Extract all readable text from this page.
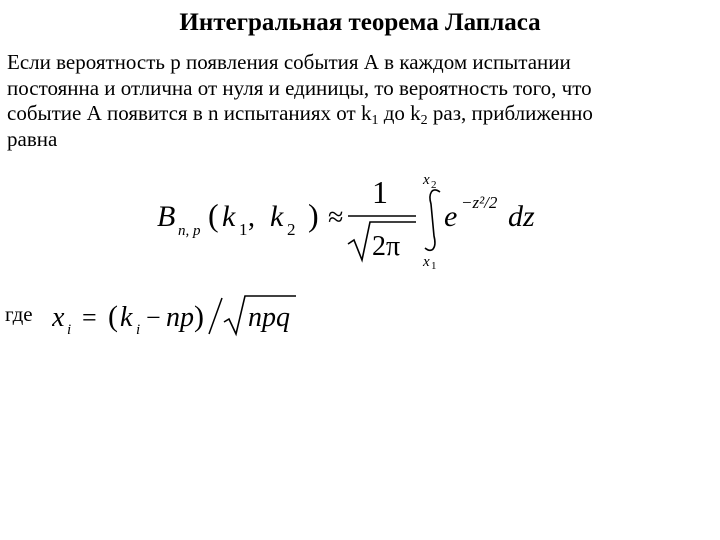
Интегральная теорема Лапласа
Если вероятность р появления события А в каждом испытании
постоянна и отлична от нуля и единицы, то вероятность того, что
событие А появится в n испытаниях от $k_1$ до $k_2$ раз, приближенно
равна
B n, p ( k 1 , k 2 ) ≈
1
2π
x 2
x 1
e −z²/2 dz
где x i = ( k i − np ) npq
